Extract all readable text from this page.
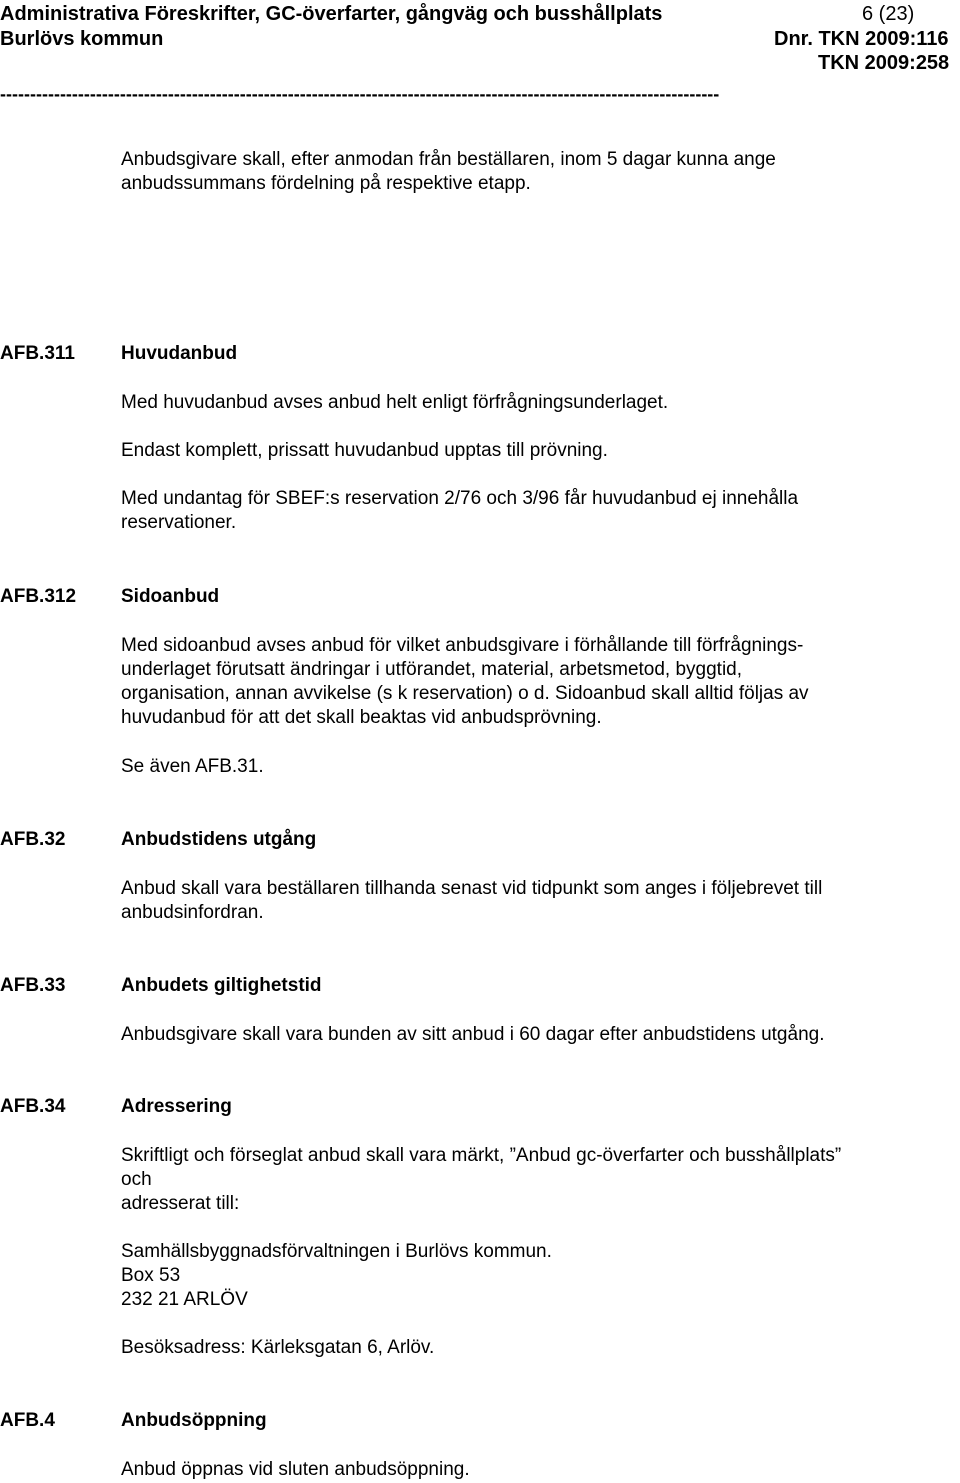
Administrativa Föreskrifter, GC-överfarter, gångväg och busshållplats	6 (23)
Burlövs kommun	Dnr. TKN 2009:116
TKN 2009:258
------------------------------------------------------------------------------------------------------------------------
Anbudsgivare skall, efter anmodan från beställaren, inom 5 dagar kunna ange
anbudssummans fördelning på respektive etapp.
AFB.311 Huvudanbud
Med huvudanbud avses anbud helt enligt förfrågningsunderlaget.
Endast komplett, prissatt huvudanbud upptas till prövning.
Med undantag för SBEF:s reservation 2/76 och 3/96 får huvudanbud ej innehålla
reservationer.
AFB.312 Sidoanbud
Med sidoanbud avses anbud för vilket anbudsgivare i förhållande till förfrågnings-
underlaget förutsatt ändringar i utförandet, material, arbetsmetod, byggtid,
organisation, annan avvikelse (s k reservation) o d. Sidoanbud skall alltid följas av
huvudanbud för att det skall beaktas vid anbudsprövning.
Se även AFB.31.
AFB.32	Anbudstidens utgång
Anbud skall vara beställaren tillhanda senast vid tidpunkt som anges i följebrevet till
anbudsinfordran.
AFB.33	Anbudets giltighetstid
Anbudsgivare skall vara bunden av sitt anbud i 60 dagar efter anbudstidens utgång.
AFB.34	Adressering
Skriftligt och förseglat anbud skall vara märkt, ”Anbud gc-överfarter och busshållplats”
och
adresserat till:
Samhällsbyggnadsförvaltningen i Burlövs kommun.
Box 53
232 21 ARLÖV
Besöksadress: Kärleksgatan 6, Arlöv.
AFB.4	Anbudsöppning
Anbud öppnas vid sluten anbudsöppning.
